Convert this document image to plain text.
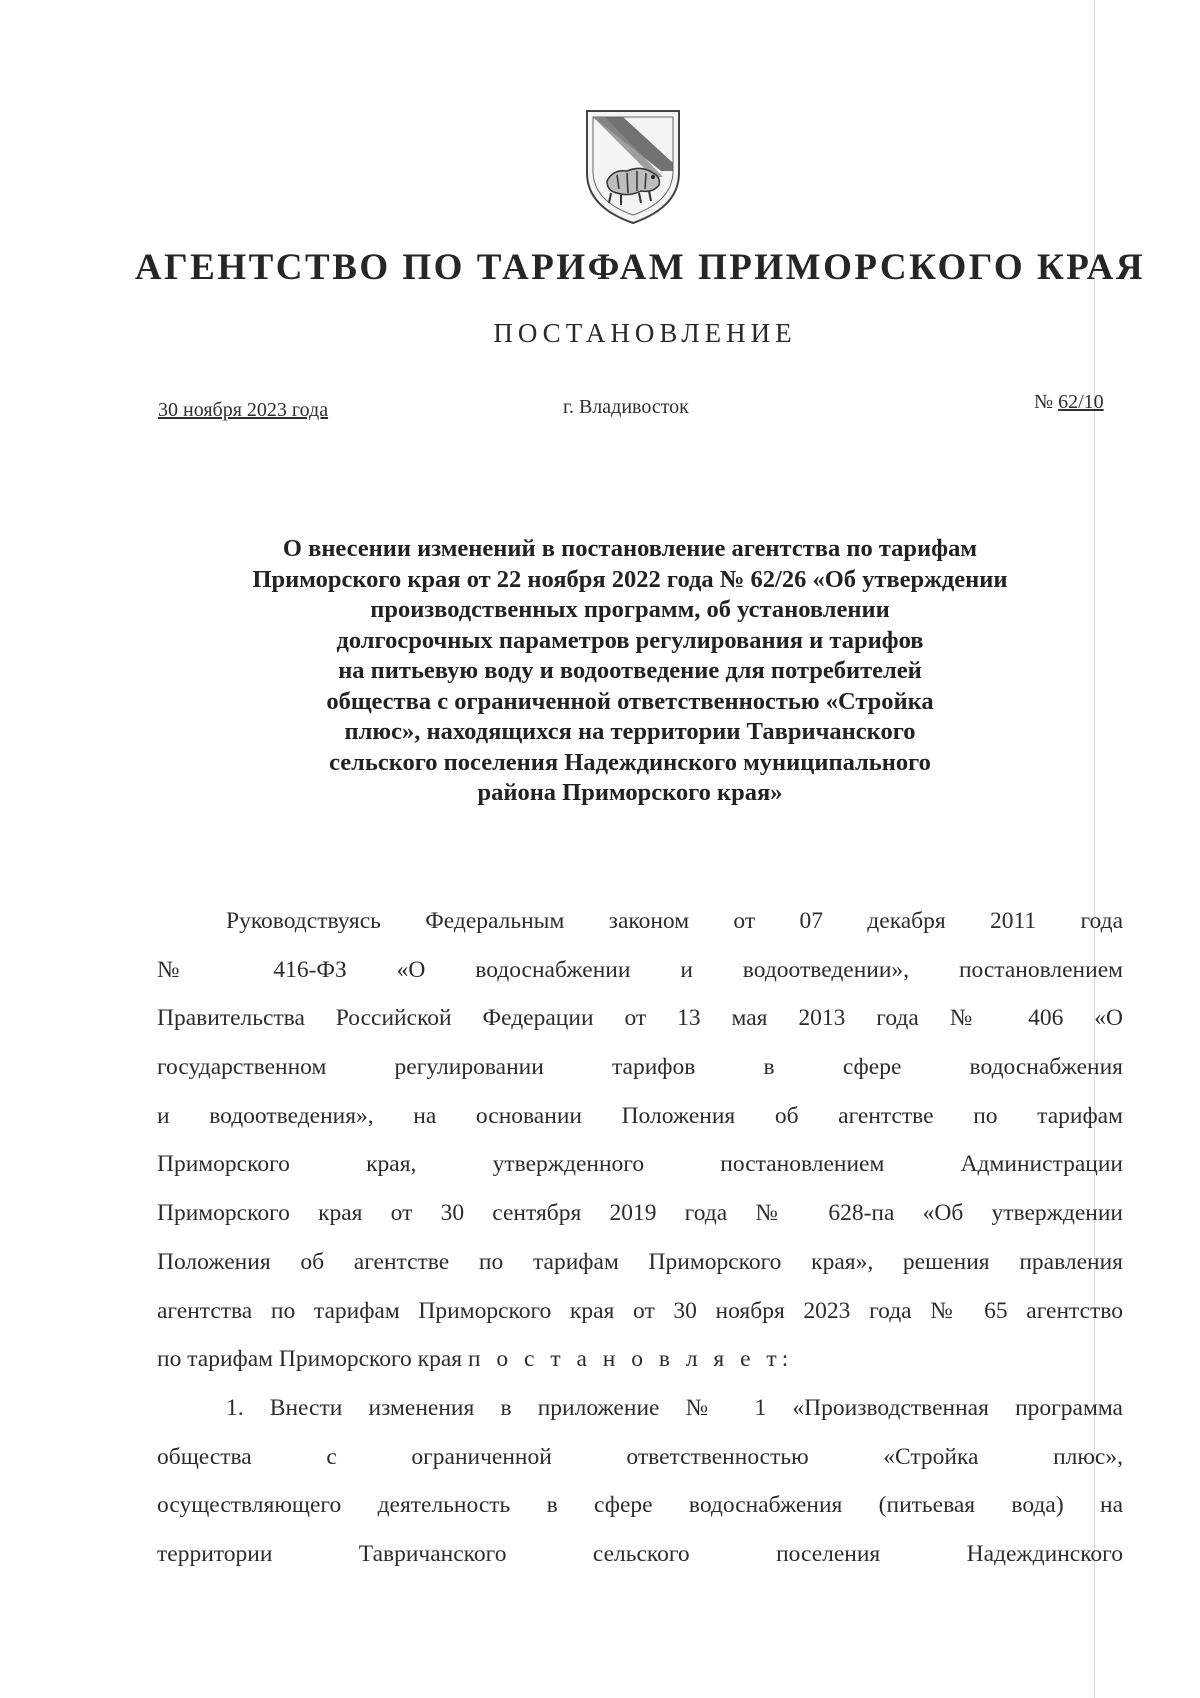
АГЕНТСТВО ПО ТАРИФАМ ПРИМОРСКОГО КРАЯ
ПОСТАНОВЛЕНИЕ
30 ноября 2023 года	г. Владивосток	№ 62/10
О внесении изменений в постановление агентства по тарифам
Приморского края от 22 ноября 2022 года № 62/26 «Об утверждении
производственных программ, об установлении
долгосрочных параметров регулирования и тарифов
на питьевую воду и водоотведение для потребителей
общества с ограниченной ответственностью «Стройка
плюс», находящихся на территории Тавричанского
сельского поселения Надеждинского муниципального
района Приморского края»
Руководствуясь Федеральным законом от 07 декабря 2011 года
№ 416-ФЗ «О водоснабжении и водоотведении», постановлением
Правительства Российской Федерации от 13 мая 2013 года № 406 «О
государственном регулировании тарифов в сфере водоснабжения
и водоотведения», на основании Положения об агентстве по тарифам
Приморского края, утвержденного постановлением Администрации
Приморского края от 30 сентября 2019 года № 628-па «Об утверждении
Положения об агентстве по тарифам Приморского края», решения правления
агентства по тарифам Приморского края от 30 ноября 2023 года № 65 агентство
по тарифам Приморского края п о с т а н о в л я е т:
1. Внести изменения в приложение № 1 «Производственная программа
общества с ограниченной ответственностью «Стройка плюс»,
осуществляющего деятельность в сфере водоснабжения (питьевая вода) на
территории Тавричанского сельского поселения Надеждинского
